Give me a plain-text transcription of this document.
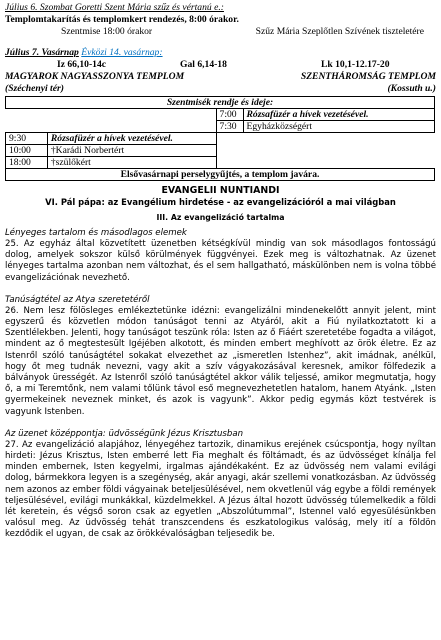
Július 6. Szombat Goretti Szent Mária szűz és vértanú e.:
Templomtakarítás és templomkert rendezés, 8:00 órakor.
Szentmise 18:00 órakor	Szűz Mária Szeplőtlen Szívének tiszteletére
Július 7. Vasárnap Évközi 14. vasárnap:
Iz 66,10-14c	Gal 6,14-18	Lk 10,1-12.17-20
MAGYAROK NAGYASSZONYA TEMPLOM	SZENTHÁROMSÁG TEMPLOM
(Széchenyi tér)	(Kossuth u.)
Szentmisék rendje és ideje:			
		7:00	Rózsafüzér a hívek vezetésével.
		7:30	Egyházközségért
9:30	Rózsafüzér a hívek vezetésével.		
10:00	†Karádi Norbertért		
18:00	†szülőkért		
Elsővasárnapi perselygyűjtés, a templom javára.			
EVANGELII NUNTIANDI
VI. Pál pápa: az Evangélium hirdetése - az evangelizációról a mai világban
III. Az evangelizáció tartalma
Lényeges tartalom és másodlagos elemek
25. Az egyház által közvetített üzenetben kétségkívül mindig van sok másodlagos fontosságú dolog, amelyek sokszor külső körülmények függvényei. Ezek meg is változhatnak. Az üzenet lényeges tartalma azonban nem változhat, és el sem hallgatható, máskülönben nem is volna többé evangelizációnak nevezhető.
Tanúságtétel az Atya szeretetéről
26. Nem lesz fölösleges emlékeztetünke idézni: evangelizálni mindenekelőtt annyit jelent, mint egyszerű és közvetlen módon tanúságot tenni az Atyáról, akit a Fiú nyilatkoztatott ki a Szentlélekben. Jelenti, hogy tanúságot teszünk róla: Isten az ő Fiáért szeretetébe fogadta a világot, mindent az ő megtestesült Igéjében alkotott, és minden embert meghívott az örök életre. Ez az Istenről szóló tanúságtétel sokakat elvezethet az „ismeretlen Istenhez”, akit imádnak, anélkül, hogy őt meg tudnák nevezni, vagy akit a szív vágyakozásával keresnek, amikor fölfedezik a bálványok ürességét. Az Istenről szóló tanúságtétel akkor válik teljessé, amikor megmutatja, hogy ő, a mi Teremtőnk, nem valami tőlünk távol eső megnevezhetetlen hatalom, hanem Atyánk. „Isten gyermekeinek neveznek minket, és azok is vagyunk”. Akkor pedig egymás közt testvérek is vagyunk Istenben.
Az üzenet középpontja: üdvösségünk Jézus Krisztusban
27. Az evangelizáció alapjához, lényegéhez tartozik, dinamikus erejének csúcspontja, hogy nyíltan hirdeti: Jézus Krisztus, Isten emberré lett Fia meghalt és föltámadt, és az üdvösséget kínálja fel minden embernek, Isten kegyelmi, irgalmas ajándékaként. Ez az üdvösség nem valami evilági dolog, bármekkora legyen is a szegénység, akár anyagi, akár szellemi vonatkozásban. Az üdvösség nem azonos az ember földi vágyainak beteljesülésével, nem okvetlenül vág egybe a földi remények teljesülésével, evilági munkákkal, küzdelmekkel. A Jézus által hozott üdvösség túlemelkedik a földi lét keretein, és végső soron csak az egyetlen „Abszolútummal”, Istennel való egyesülésünkben valósul meg. Az üdvösség tehát transzcendens és eszkatologikus valóság, mely ití a földön kezdődik el ugyan, de csak az örökkévalóságban teljesedik be.
